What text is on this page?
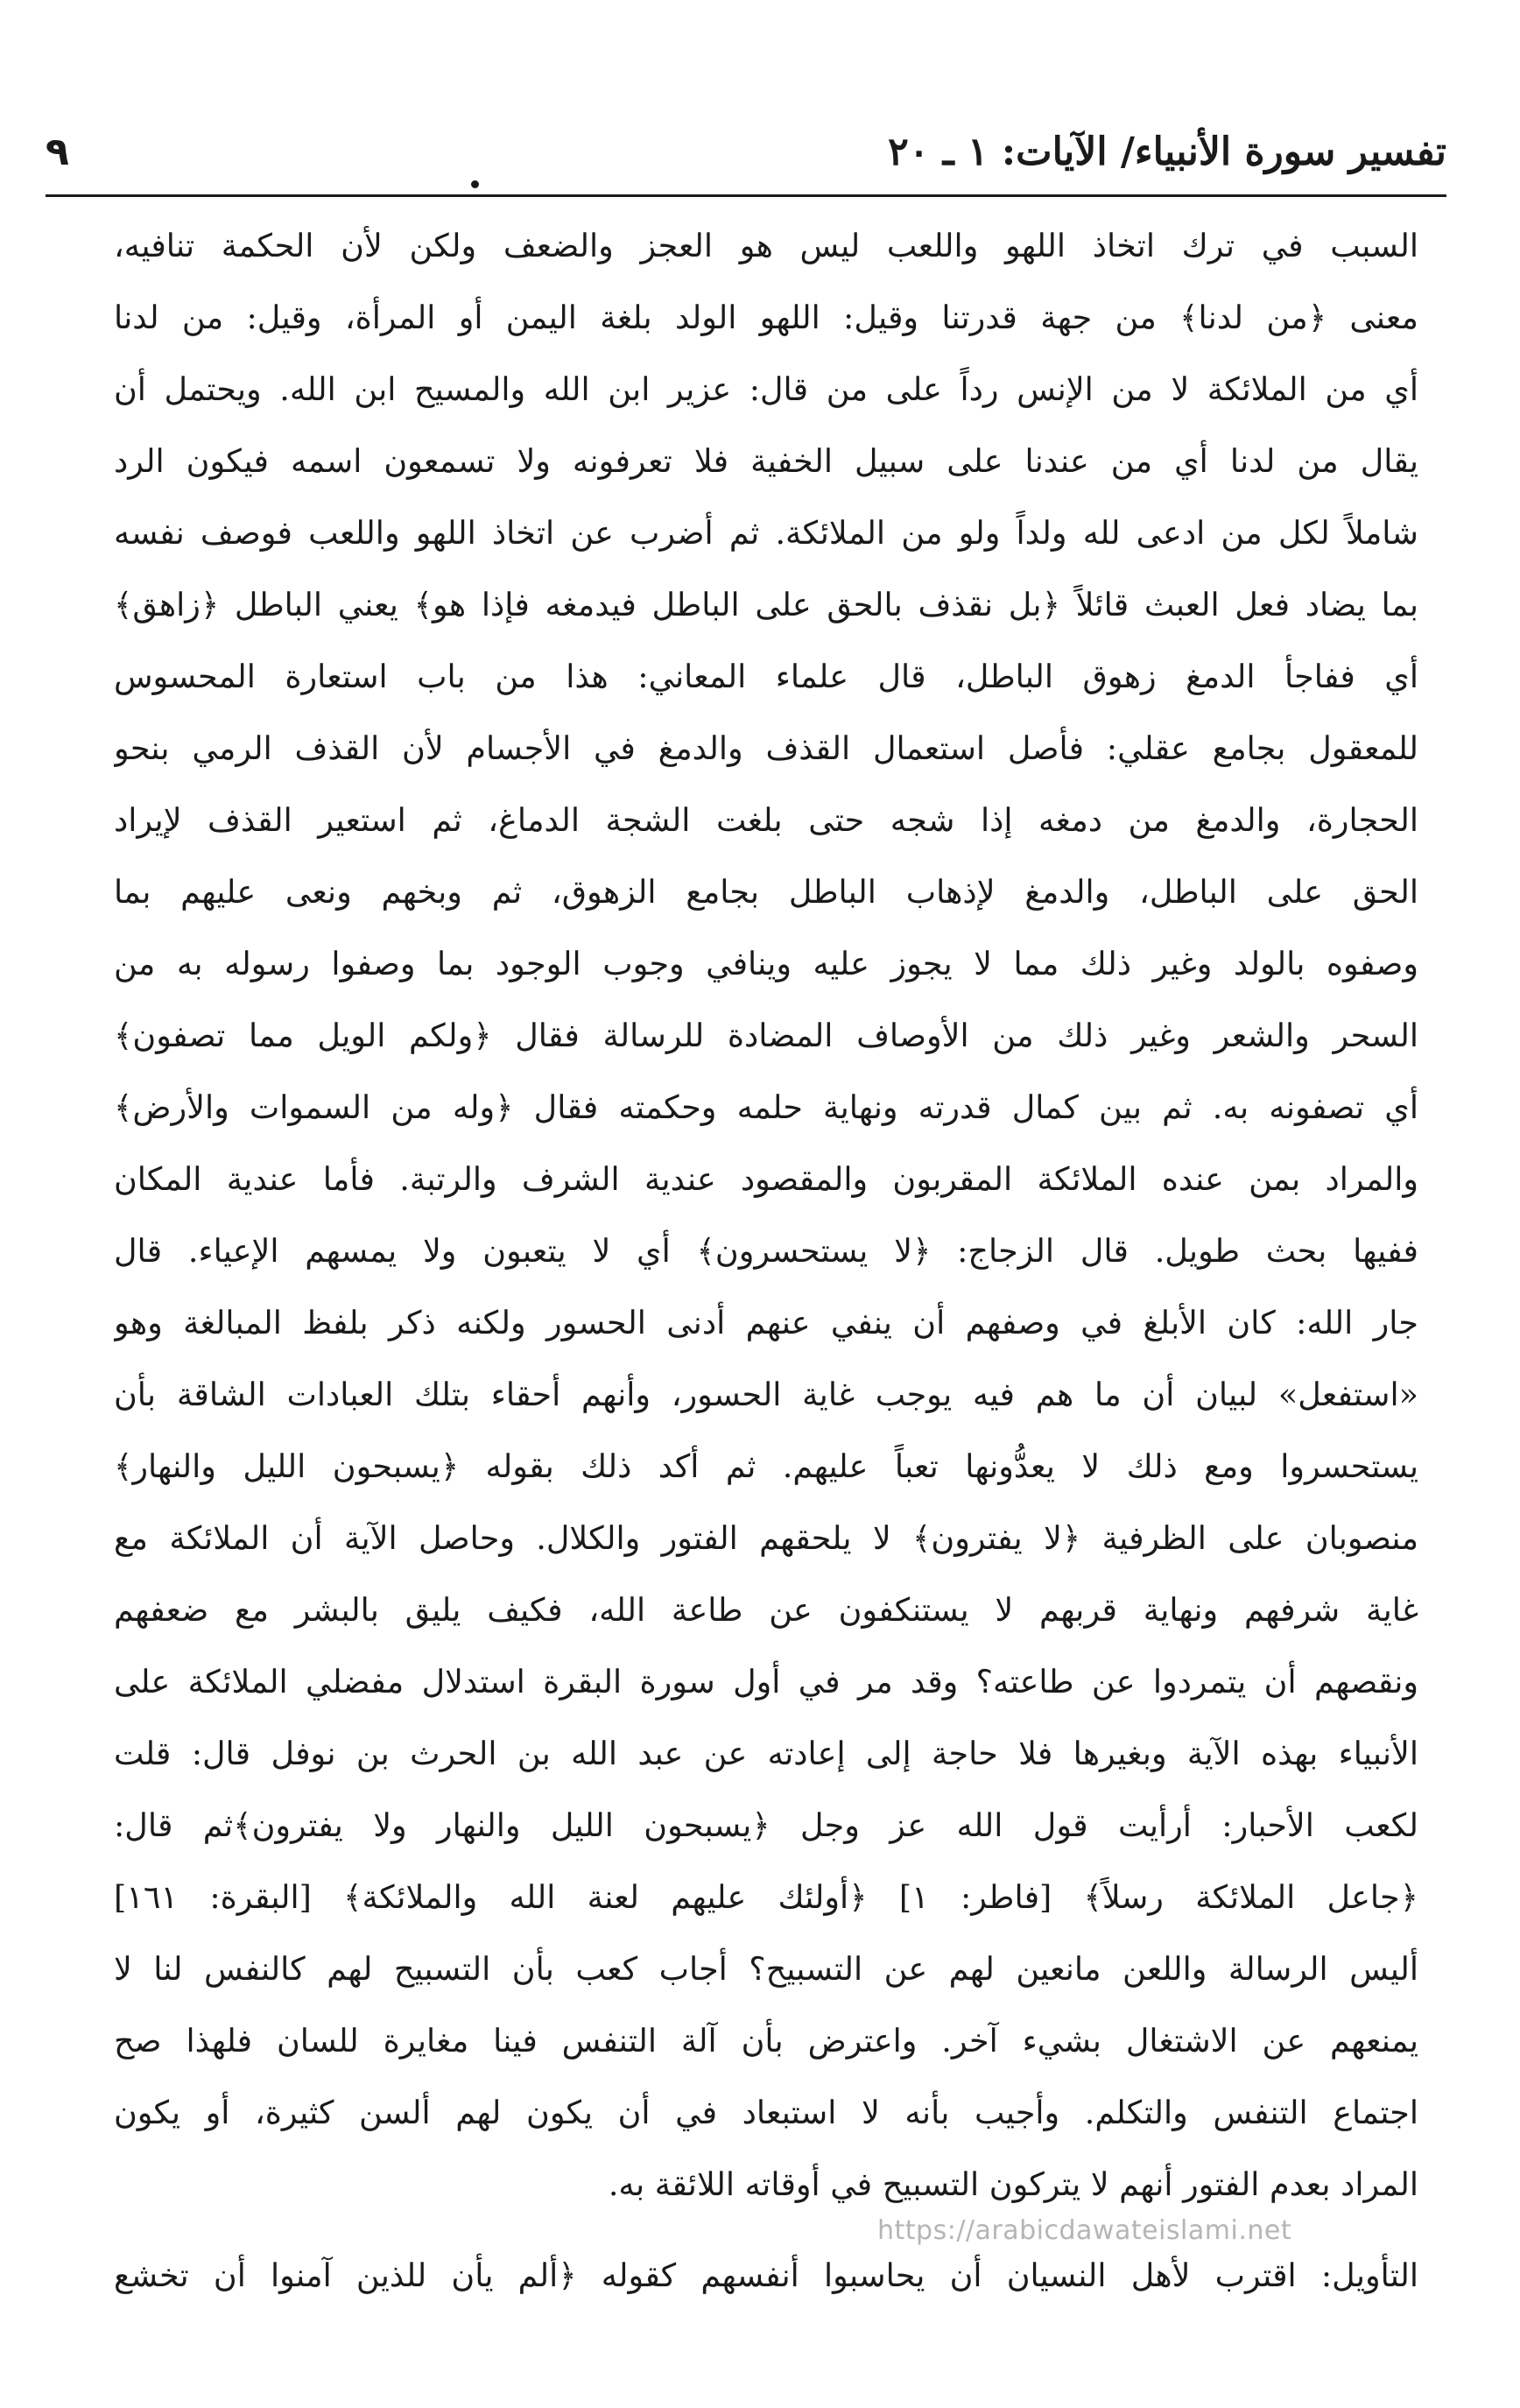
تفسير سورة الأنبياء/ الآيات: ١ ـ ٢٠
٩
السبب في ترك اتخاذ اللهو واللعب ليس هو العجز والضعف ولكن لأن الحكمة تنافيه،
معنى ﴿من لدنا﴾ من جهة قدرتنا وقيل: اللهو الولد بلغة اليمن أو المرأة، وقيل: من لدنا
أي من الملائكة لا من الإنس رداً على من قال: عزير ابن الله والمسيح ابن الله. ويحتمل أن
يقال من لدنا أي من عندنا على سبيل الخفية فلا تعرفونه ولا تسمعون اسمه فيكون الرد
شاملاً لكل من ادعى لله ولداً ولو من الملائكة. ثم أضرب عن اتخاذ اللهو واللعب فوصف نفسه
بما يضاد فعل العبث قائلاً ﴿بل نقذف بالحق على الباطل فيدمغه فإذا هو﴾ يعني الباطل ﴿زاهق﴾
أي ففاجأ الدمغ زهوق الباطل، قال علماء المعاني: هذا من باب استعارة المحسوس
للمعقول بجامع عقلي: فأصل استعمال القذف والدمغ في الأجسام لأن القذف الرمي بنحو
الحجارة، والدمغ من دمغه إذا شجه حتى بلغت الشجة الدماغ، ثم استعير القذف لإيراد
الحق على الباطل، والدمغ لإذهاب الباطل بجامع الزهوق، ثم وبخهم ونعى عليهم بما
وصفوه بالولد وغير ذلك مما لا يجوز عليه وينافي وجوب الوجود بما وصفوا رسوله به من
السحر والشعر وغير ذلك من الأوصاف المضادة للرسالة فقال ﴿ولكم الويل مما تصفون﴾
أي تصفونه به. ثم بين كمال قدرته ونهاية حلمه وحكمته فقال ﴿وله من السموات والأرض﴾
والمراد بمن عنده الملائكة المقربون والمقصود عندية الشرف والرتبة. فأما عندية المكان
ففيها بحث طويل. قال الزجاج: ﴿لا يستحسرون﴾ أي لا يتعبون ولا يمسهم الإعياء. قال
جار الله: كان الأبلغ في وصفهم أن ينفي عنهم أدنى الحسور ولكنه ذكر بلفظ المبالغة وهو
«استفعل» لبيان أن ما هم فيه يوجب غاية الحسور، وأنهم أحقاء بتلك العبادات الشاقة بأن
يستحسروا ومع ذلك لا يعدُّونها تعباً عليهم. ثم أكد ذلك بقوله ﴿يسبحون الليل والنهار﴾
منصوبان على الظرفية ﴿لا يفترون﴾ لا يلحقهم الفتور والكلال. وحاصل الآية أن الملائكة مع
غاية شرفهم ونهاية قربهم لا يستنكفون عن طاعة الله، فكيف يليق بالبشر مع ضعفهم
ونقصهم أن يتمردوا عن طاعته؟ وقد مر في أول سورة البقرة استدلال مفضلي الملائكة على
الأنبياء بهذه الآية وبغيرها فلا حاجة إلى إعادته عن عبد الله بن الحرث بن نوفل قال: قلت
لكعب الأحبار: أرأيت قول الله عز وجل ﴿يسبحون الليل والنهار ولا يفترون﴾ثم قال:
﴿جاعل الملائكة رسلاً﴾ [فاطر: ١] ﴿أولئك عليهم لعنة الله والملائكة﴾ [البقرة: ١٦١]
أليس الرسالة واللعن مانعين لهم عن التسبيح؟ أجاب كعب بأن التسبيح لهم كالنفس لنا لا
يمنعهم عن الاشتغال بشيء آخر. واعترض بأن آلة التنفس فينا مغايرة للسان فلهذا صح
اجتماع التنفس والتكلم. وأجيب بأنه لا استبعاد في أن يكون لهم ألسن كثيرة، أو يكون
المراد بعدم الفتور أنهم لا يتركون التسبيح في أوقاته اللائقة به.
التأويل: اقترب لأهل النسيان أن يحاسبوا أنفسهم كقوله ﴿ألم يأن للذين آمنوا أن تخشع
https://arabicdawateislami.net
